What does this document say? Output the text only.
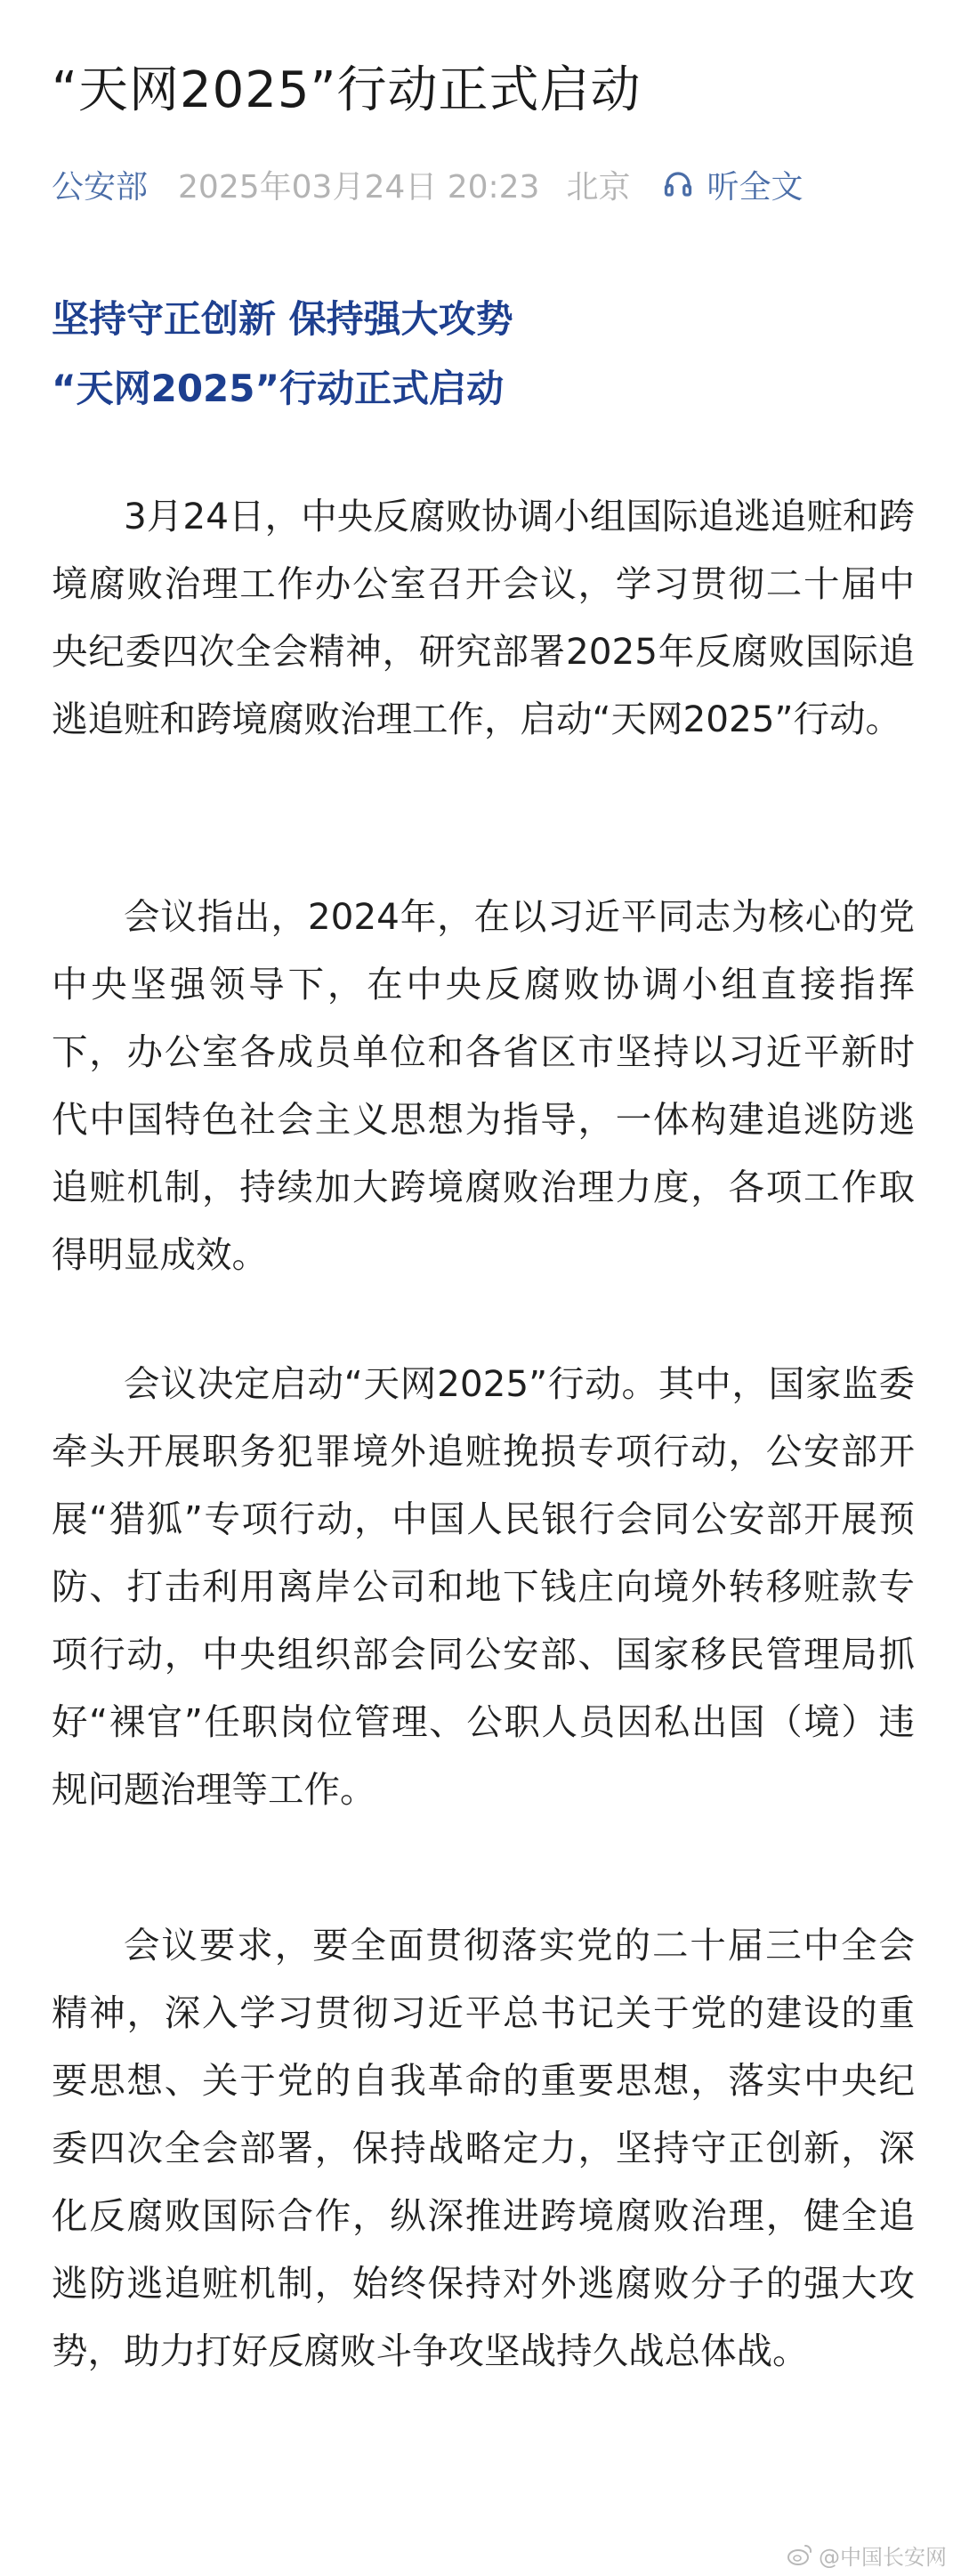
“天网2025”行动正式启动
公安部 2025年03月24日 20:23 北京 听全文
坚持守正创新 保持强大攻势
“天网2025”行动正式启动

3月24日，中央反腐败协调小组国际追逃追赃和跨境腐败治理工作办公室召开会议，学习贯彻二十届中央纪委四次全会精神，研究部署2025年反腐败国际追逃追赃和跨境腐败治理工作，启动“天网2025”行动。

会议指出，2024年，在以习近平同志为核心的党中央坚强领导下，在中央反腐败协调小组直接指挥下，办公室各成员单位和各省区市坚持以习近平新时代中国特色社会主义思想为指导，一体构建追逃防逃追赃机制，持续加大跨境腐败治理力度，各项工作取得明显成效。

会议决定启动“天网2025”行动。其中，国家监委牵头开展职务犯罪境外追赃挽损专项行动，公安部开展“猎狐”专项行动，中国人民银行会同公安部开展预防、打击利用离岸公司和地下钱庄向境外转移赃款专项行动，中央组织部会同公安部、国家移民管理局抓好“裸官”任职岗位管理、公职人员因私出国（境）违规问题治理等工作。

会议要求，要全面贯彻落实党的二十届三中全会精神，深入学习贯彻习近平总书记关于党的建设的重要思想、关于党的自我革命的重要思想，落实中央纪委四次全会部署，保持战略定力，坚持守正创新，深化反腐败国际合作，纵深推进跨境腐败治理，健全追逃防逃追赃机制，始终保持对外逃腐败分子的强大攻势，助力打好反腐败斗争攻坚战持久战总体战。

@中国长安网
